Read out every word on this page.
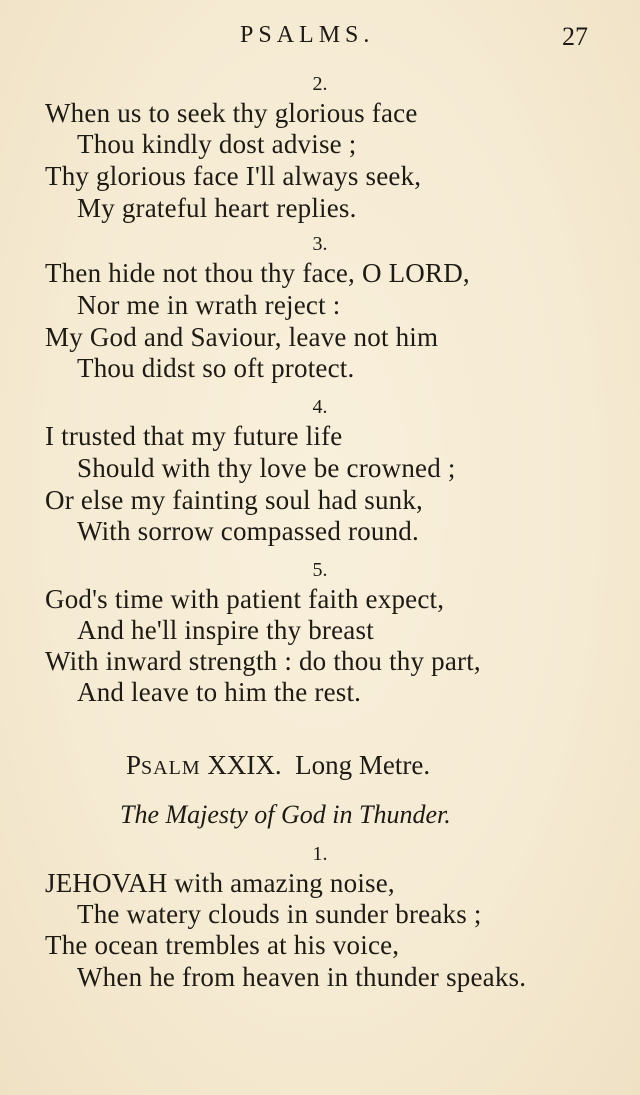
PSALMS.	27
2.
When us to seek thy glorious face
Thou kindly dost advise ;
Thy glorious face I'll always seek,
My grateful heart replies.
3.
Then hide not thou thy face, O LORD,
Nor me in wrath reject :
My God and Saviour, leave not him
Thou didst so oft protect.
4.
I trusted that my future life
Should with thy love be crowned ;
Or else my fainting soul had sunk,
With sorrow compassed round.
5.
God's time with patient faith expect,
And he'll inspire thy breast
With inward strength : do thou thy part,
And leave to him the rest.
PSALM XXIX. Long Metre.
The Majesty of God in Thunder.
1.
JEHOVAH with amazing noise,
The watery clouds in sunder breaks ;
The ocean trembles at his voice,
When he from heaven in thunder speaks.
